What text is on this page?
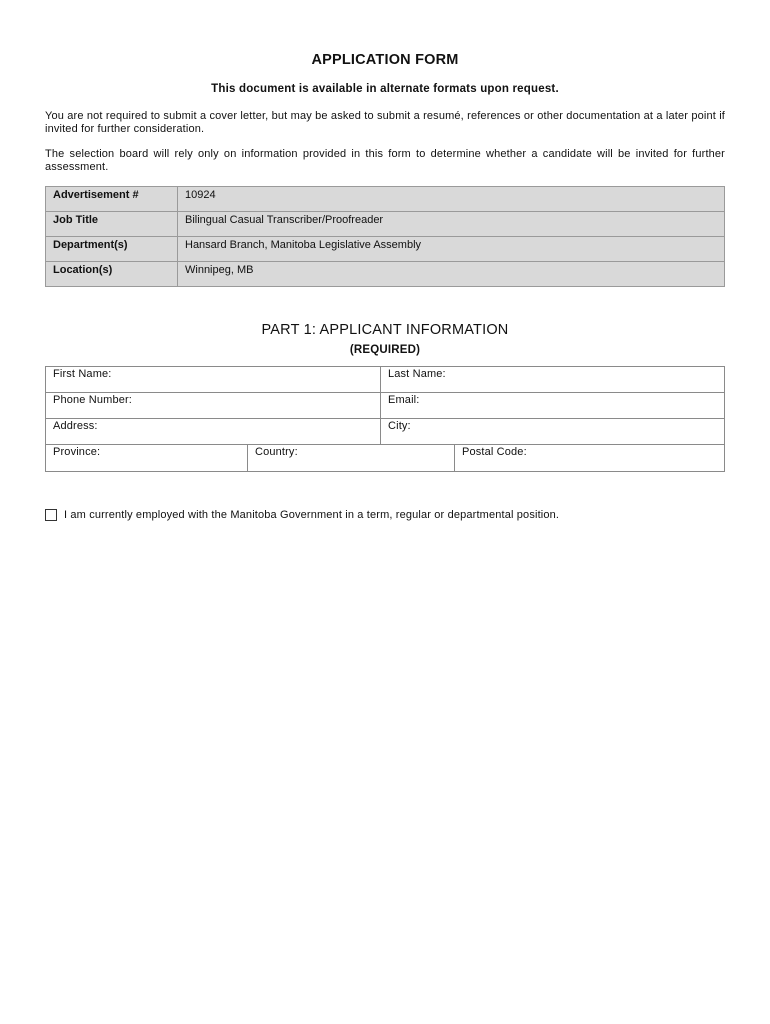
APPLICATION FORM
This document is available in alternate formats upon request.
You are not required to submit a cover letter, but may be asked to submit a resumé, references or other documentation at a later point if invited for further consideration.
The selection board will rely only on information provided in this form to determine whether a candidate will be invited for further assessment.
Advertisement #	10924
Job Title	Bilingual Casual Transcriber/Proofreader
Department(s)	Hansard Branch, Manitoba Legislative Assembly
Location(s)	Winnipeg, MB
PART 1: APPLICANT INFORMATION
(REQUIRED)
First Name:	Last Name:
Phone Number:	Email:
Address:	City:
Province:	Country:	Postal Code:
I am currently employed with the Manitoba Government in a term, regular or departmental position.
